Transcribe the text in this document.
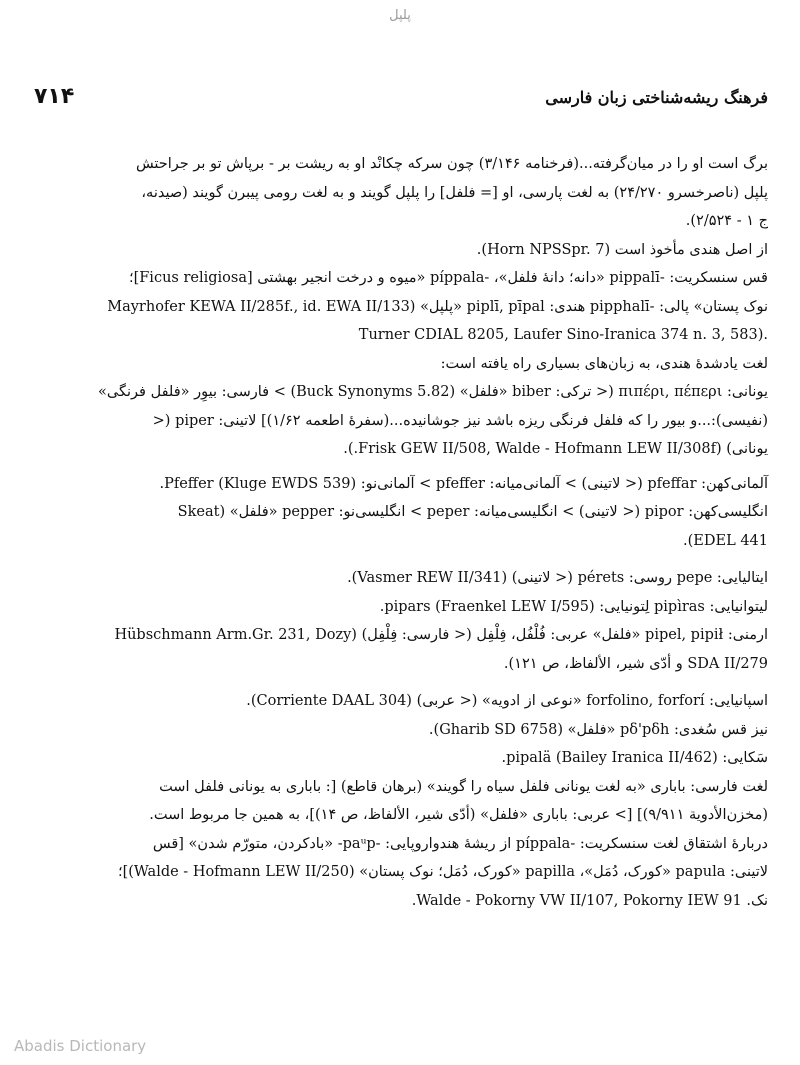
پلپل
۷۱۴	فرهنگ ریشه‌شناختی زبان فارسی

برگ است او را در میان‌گرفته...(فرخنامه ۳/۱۴۶) چون سرکه چکانْد او به ریشت بر - برپاش تو بر جراحتش

پلپل (ناصرخسرو ۲۴/۲۷۰) به لغت پارسی، او [= فلفل] را پلپل گویند و به لغت رومی پیبرن گویند (صیدنه،

ج ۱ - ۲/۵۲۴).

از اصل هندی مأخوذ است (Horn NPSSpr. 7).

قس سنسکریت: -pippalī «دانه؛ دانهٔ فلفل»، -píppala «میوه و درخت انجیر بهشتی [Ficus religiosa]؛

نوک پستان» پالی: -pipphalī هندی: piplī, pīpal «پلپل» (Mayrhofer KEWA II/285f., id. EWA II/133

.(Turner CDIAL 8205, Laufer Sino-Iranica 374 n. 3, 583

لغت یادشدهٔ هندی، به زبان‌های بسیاری راه یافته است:

یونانی: πιπέρι, πέπερι (< ترکی: biber «فلفل» (Buck Synonyms 5.82) > فارسی: بیوِر «فلفل فرنگی»

(نفیسی):...و بیور را که فلفل فرنگی ریزه باشد نیز جوشانیده...(سفرهٔ اطعمه ۱/۶۲)] لاتینی: piper (<

یونانی) (Frisk GEW II/508, Walde - Hofmann LEW II/308f.).

آلمانی‌کهن: pfeffar (< لاتینی) > آلمانی‌میانه: pfeffer > آلمانی‌نو: Pfeffer (Kluge EWDS 539).

انگلیسی‌کهن: pipor (< لاتینی) > انگلیسی‌میانه: peper > انگلیسی‌نو: pepper «فلفل» (Skeat

EDEL 441).

ایتالیایی: pepe روسی: pérets (< لاتینی) (Vasmer REW II/341).

لیتوانیایی: pipìras لِتونیایی: pipars (Fraenkel LEW I/595).

ارمنی: pipel, pipił «فلفل» عربی: فُلْفُل، فِلْفِل (< فارسی: فِلْفِل) (Hübschmann Arm.Gr. 231, Dozy

SDA II/279 و أدّی شیر، الألفاظ، ص ۱۲۱).

اسپانیایی: forfolino, forforí «نوعی از ادویه» (< عربی) (Corriente DAAL 304).

نیز قس سُغدی: pδ'pδh «فلفل» (Gharib SD 6758).

سَکایی: pipalä (Bailey Iranica II/462).

لغت فارسی: باباری «به لغت یونانی فلفل سیاه را گویند» (برهان قاطع) [: باباری به یونانی فلفل است

(مخزن‌الأدویة ۹/۹۱۱)] [> عربی: باباری «فلفل» (أدّی شیر، الألفاظ، ص ۱۴)]، به همین جا مربوط است.

دربارهٔ اشتقاق لغت سنسکریت: -píppala از ریشهٔ هندواروپایی: -paᵘp- «بادکردن، متورّم شدن» [قس

لاتینی: papula «کورک، دُمَل»، papilla «کورک، دُمَل؛ نوک پستان» (Walde - Hofmann LEW II/250)]؛

نک. Walde - Pokorny VW II/107, Pokorny IEW 91.

Abadis Dictionary
